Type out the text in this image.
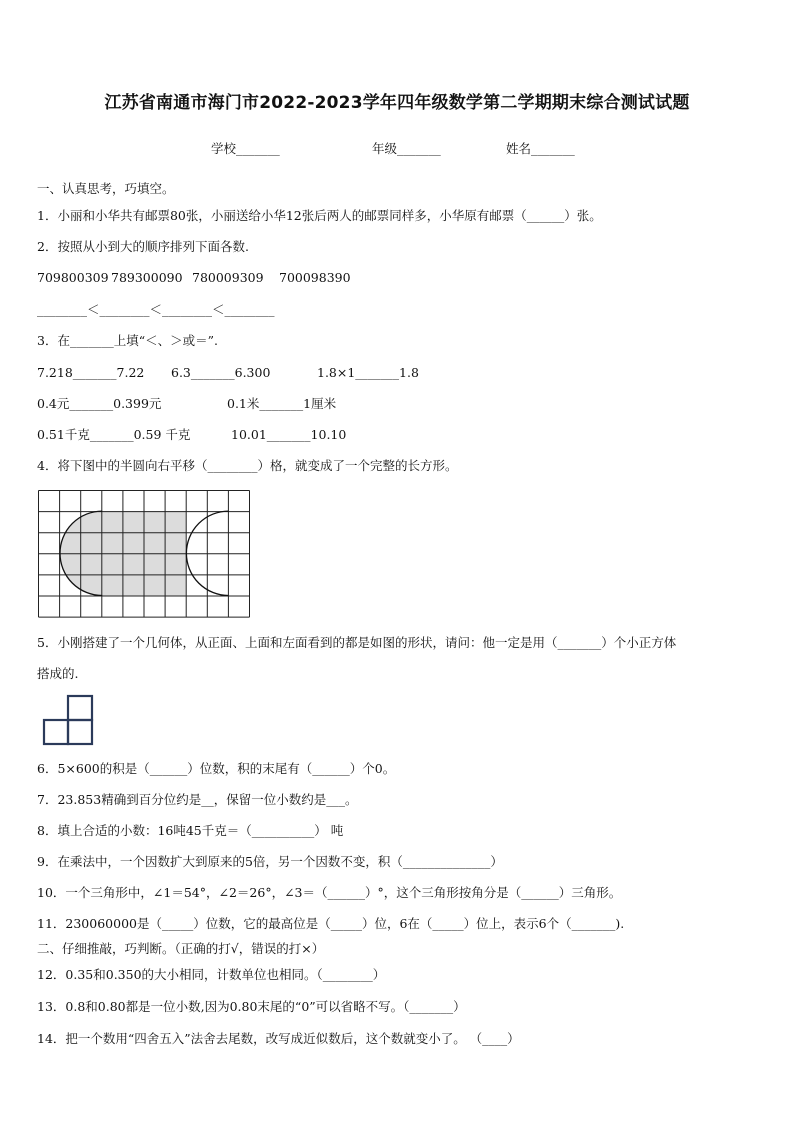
江苏省南通市海门市2022-2023学年四年级数学第二学期期末综合测试试题
学校_______	年级_______	姓名_______
一、认真思考，巧填空。
1．小丽和小华共有邮票80张，小丽送给小华12张后两人的邮票同样多，小华原有邮票（______）张。
2．按照从小到大的顺序排列下面各数.
709800309 789300090 780009309 700098390
________＜________＜________＜________
3．在_______上填“＜、＞或＝”.
7.218_______7.22 6.3_______6.300	1.8×1_______1.8
0.4元_______0.399元	0.1米_______1厘米
0.51千克_______0.59 千克	10.01_______10.10
4．将下图中的半圆向右平移（________）格，就变成了一个完整的长方形。
5．小刚搭建了一个几何体，从正面、上面和左面看到的都是如图的形状，请问：他一定是用（_______）个小正方体
搭成的.
6．5×600的积是（______）位数，积的末尾有（______）个0。
7．23.853精确到百分位约是__，保留一位小数约是___。
8．填上合适的小数：16吨45千克＝（__________） 吨
9．在乘法中，一个因数扩大到原来的5倍，另一个因数不变，积（______________）
10．一个三角形中，∠1＝54°，∠2＝26°，∠3＝（______）°，这个三角形按角分是（______）三角形。
11．230060000是（_____）位数，它的最高位是（_____）位，6在（_____）位上，表示6个（_______).
二、仔细推敲，巧判断。（正确的打√，错误的打×）
12．0.35和0.350的大小相同，计数单位也相同。（________）
13．0.8和0.80都是一位小数,因为0.80末尾的“0”可以省略不写。（_______）
14．把一个数用“四舍五入”法舍去尾数，改写成近似数后，这个数就变小了。 （____）
